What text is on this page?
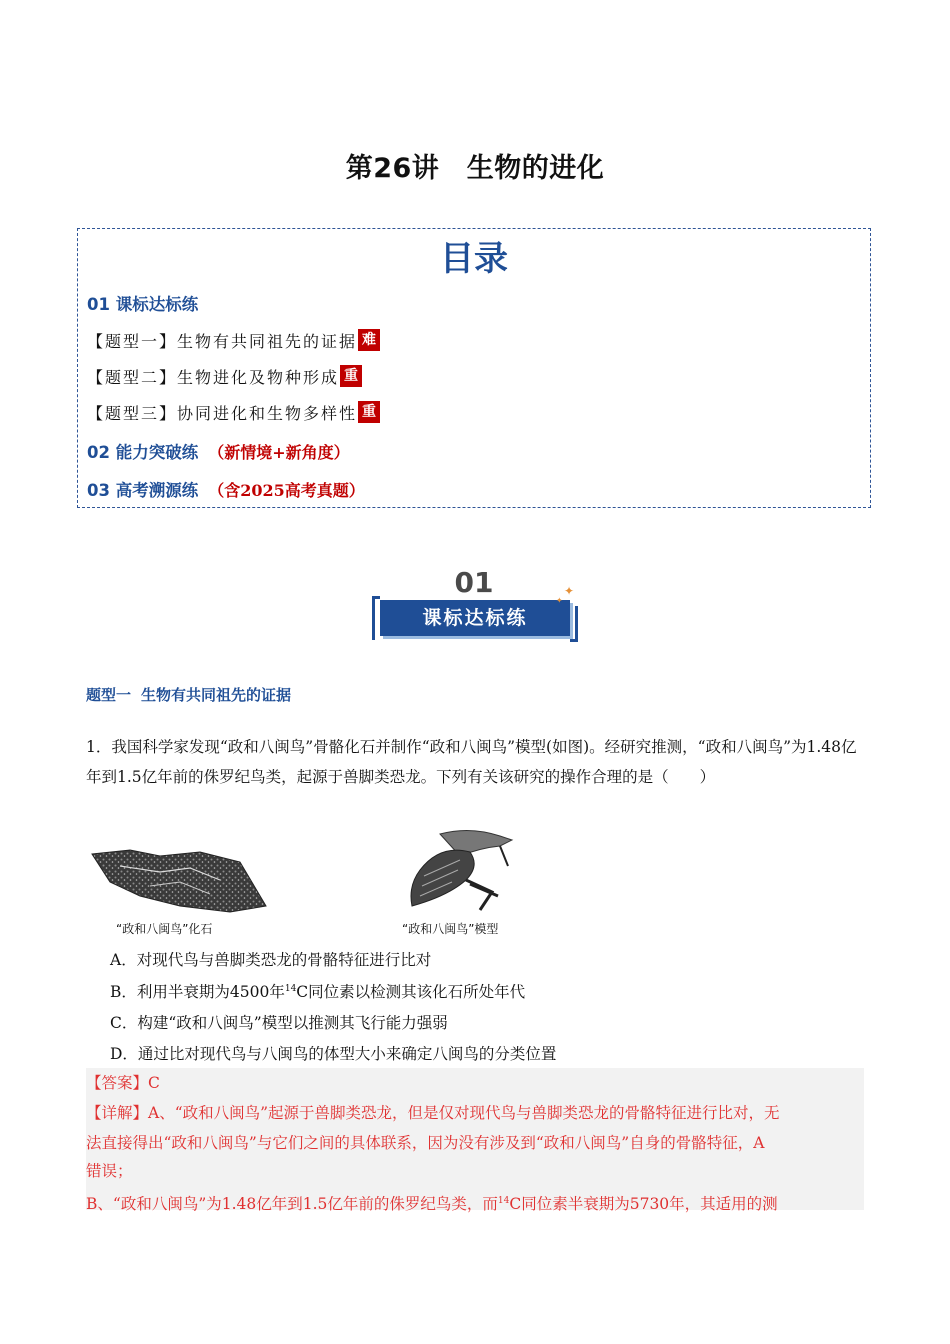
第26讲　生物的进化
目录
01 课标达标练
【题型一】生物有共同祖先的证据 难
【题型二】生物进化及物种形成 重
【题型三】协同进化和生物多样性 重
02 能力突破练 （新情境+新角度）
03 高考溯源练 （含2025高考真题）
01
课标达标练
✦
✦
题型一 生物有共同祖先的证据
1．我国科学家发现“政和八闽鸟”骨骼化石并制作“政和八闽鸟”模型(如图)。经研究推测，“政和八闽鸟”为1.48亿年到1.5亿年前的侏罗纪鸟类，起源于兽脚类恐龙。下列有关该研究的操作合理的是（　　）
“政和八闽鸟”化石	“政和八闽鸟”模型
A．对现代鸟与兽脚类恐龙的骨骼特征进行比对
B．利用半衰期为4500年$^{14}$C同位素以检测其该化石所处年代
C．构建“政和八闽鸟”模型以推测其飞行能力强弱
D．通过比对现代鸟与八闽鸟的体型大小来确定八闽鸟的分类位置
【答案】C
【详解】A、“政和八闽鸟”起源于兽脚类恐龙，但是仅对现代鸟与兽脚类恐龙的骨骼特征进行比对，无
法直接得出“政和八闽鸟”与它们之间的具体联系，因为没有涉及到“政和八闽鸟”自身的骨骼特征，A
错误；
B、“政和八闽鸟”为1.48亿年到1.5亿年前的侏罗纪鸟类，而$^{14}$C同位素半衰期为5730年，其适用的测
